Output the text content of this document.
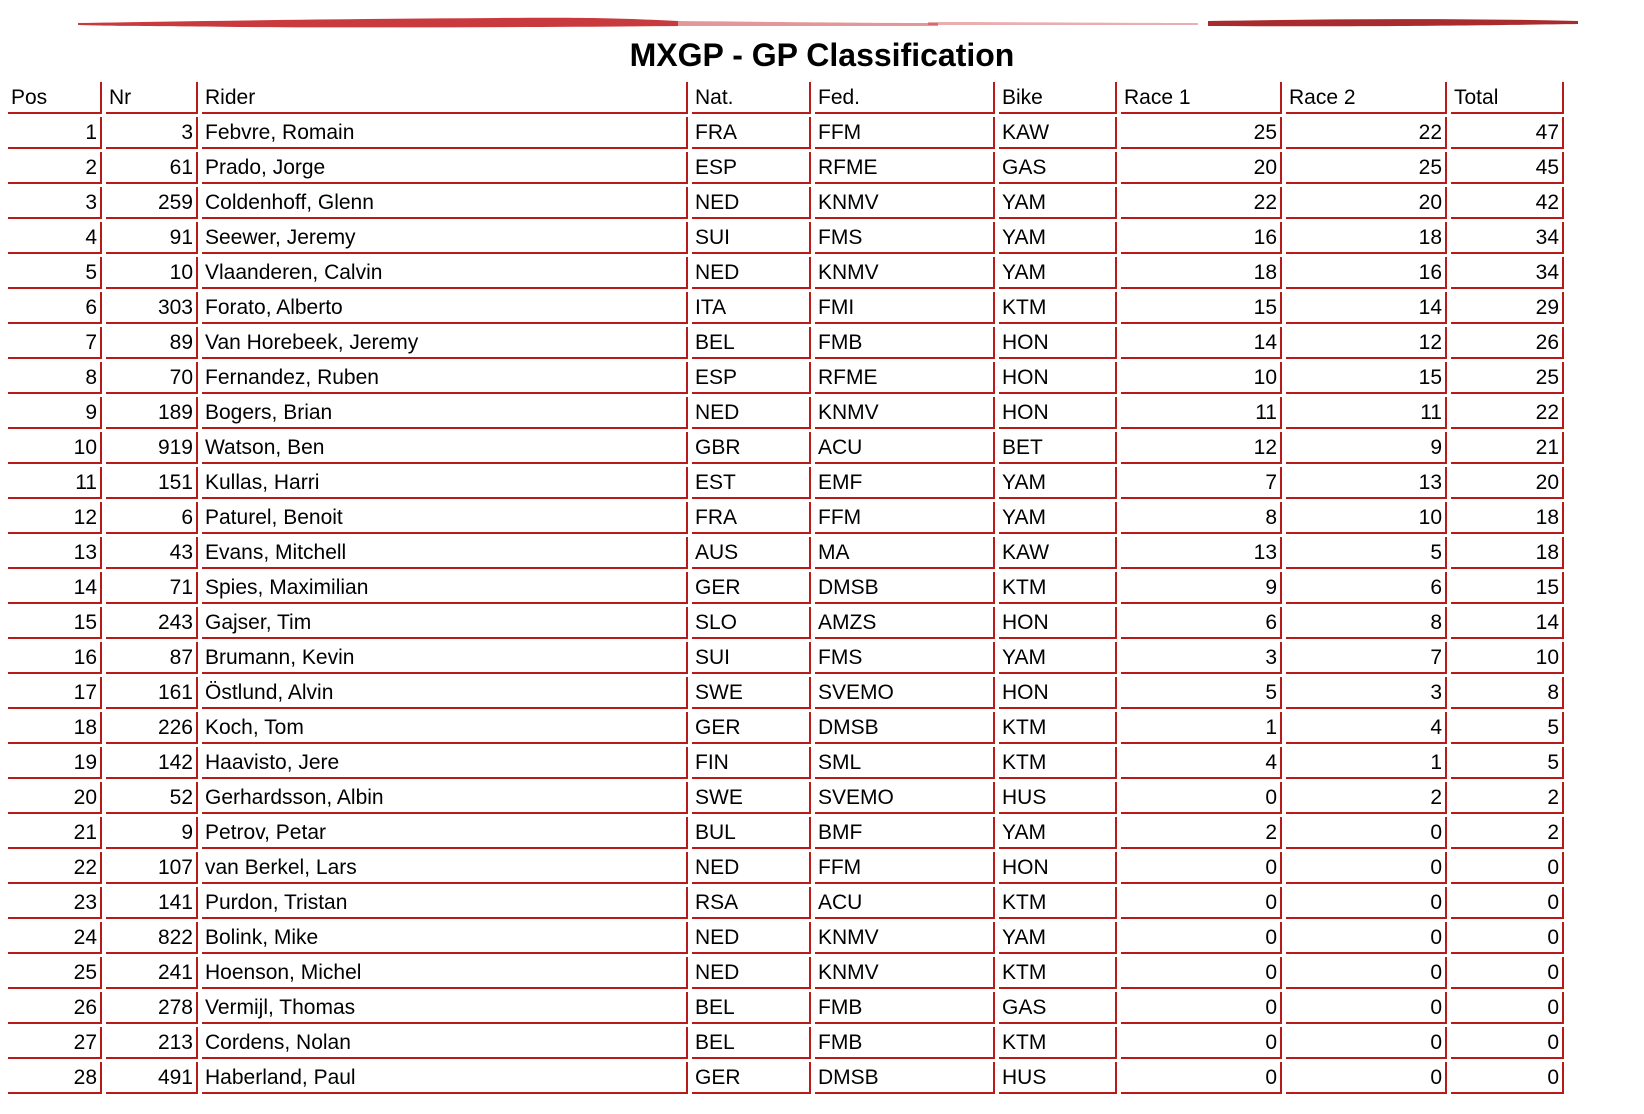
MXGP - GP Classification
Pos	Nr	Rider	Nat.	Fed.	Bike	Race 1	Race 2	Total
1	3 Febvre, Romain	FRA	FFM	KAW	25	22	47
2	61 Prado, Jorge	ESP	RFME	GAS	20	25	45
3	259 Coldenhoff, Glenn	NED	KNMV	YAM	22	20	42
4	91 Seewer, Jeremy	SUI	FMS	YAM	16	18	34
5	10 Vlaanderen, Calvin	NED	KNMV	YAM	18	16	34
6	303 Forato, Alberto	ITA	FMI	KTM	15	14	29
7	89 Van Horebeek, Jeremy	BEL	FMB	HON	14	12	26
8	70 Fernandez, Ruben	ESP	RFME	HON	10	15	25
9	189 Bogers, Brian	NED	KNMV	HON	11	11	22
10	919 Watson, Ben	GBR	ACU	BET	12	9	21
11	151 Kullas, Harri	EST	EMF	YAM	7	13	20
12	6 Paturel, Benoit	FRA	FFM	YAM	8	10	18
13	43 Evans, Mitchell	AUS	MA	KAW	13	5	18
14	71 Spies, Maximilian	GER	DMSB	KTM	9	6	15
15	243 Gajser, Tim	SLO	AMZS	HON	6	8	14
16	87 Brumann, Kevin	SUI	FMS	YAM	3	7	10
17	161 Östlund, Alvin	SWE	SVEMO	HON	5	3	8
18	226 Koch, Tom	GER	DMSB	KTM	1	4	5
19	142 Haavisto, Jere	FIN	SML	KTM	4	1	5
20	52 Gerhardsson, Albin	SWE	SVEMO	HUS	0	2	2
21	9 Petrov, Petar	BUL	BMF	YAM	2	0	2
22	107 van Berkel, Lars	NED	FFM	HON	0	0	0
23	141 Purdon, Tristan	RSA	ACU	KTM	0	0	0
24	822 Bolink, Mike	NED	KNMV	YAM	0	0	0
25	241 Hoenson, Michel	NED	KNMV	KTM	0	0	0
26	278 Vermijl, Thomas	BEL	FMB	GAS	0	0	0
27	213 Cordens, Nolan	BEL	FMB	KTM	0	0	0
28	491 Haberland, Paul	GER	DMSB	HUS	0	0	0
